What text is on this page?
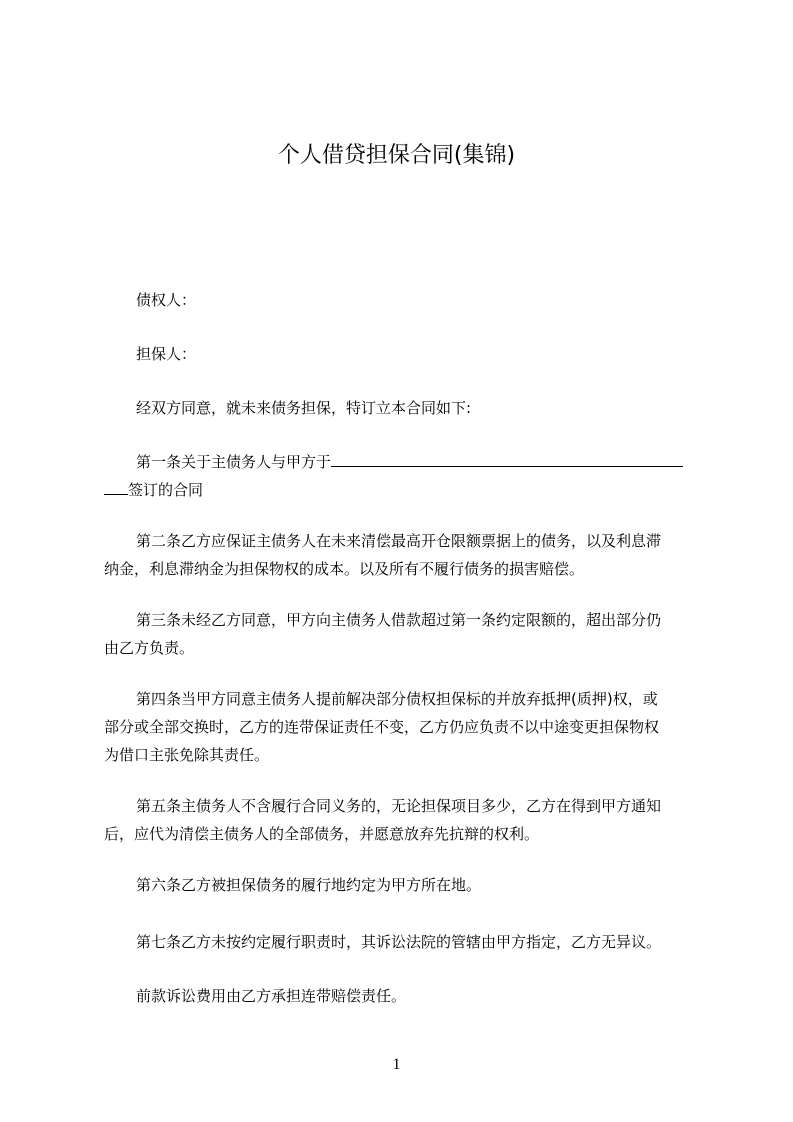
个人借贷担保合同(集锦)

债权人：

担保人：

经双方同意，就未来债务担保，特订立本合同如下:

第一条关于主债务人与甲方于
签订的合同

第二条乙方应保证主债务人在未来清偿最高开仓限额票据上的债务，以及利息滞

纳金，利息滞纳金为担保物权的成本。以及所有不履行债务的损害赔偿。

第三条未经乙方同意，甲方向主债务人借款超过第一条约定限额的，超出部分仍

由乙方负责。

第四条当甲方同意主债务人提前解决部分债权担保标的并放弃抵押(质押)权，或

部分或全部交换时，乙方的连带保证责任不变，乙方仍应负责不以中途变更担保物权

为借口主张免除其责任。

第五条主债务人不含履行合同义务的，无论担保项目多少，乙方在得到甲方通知

后，应代为清偿主债务人的全部债务，并愿意放弃先抗辩的权利。

第六条乙方被担保债务的履行地约定为甲方所在地。

第七条乙方未按约定履行职责时，其诉讼法院的管辖由甲方指定，乙方无异议。

前款诉讼费用由乙方承担连带赔偿责任。

1
